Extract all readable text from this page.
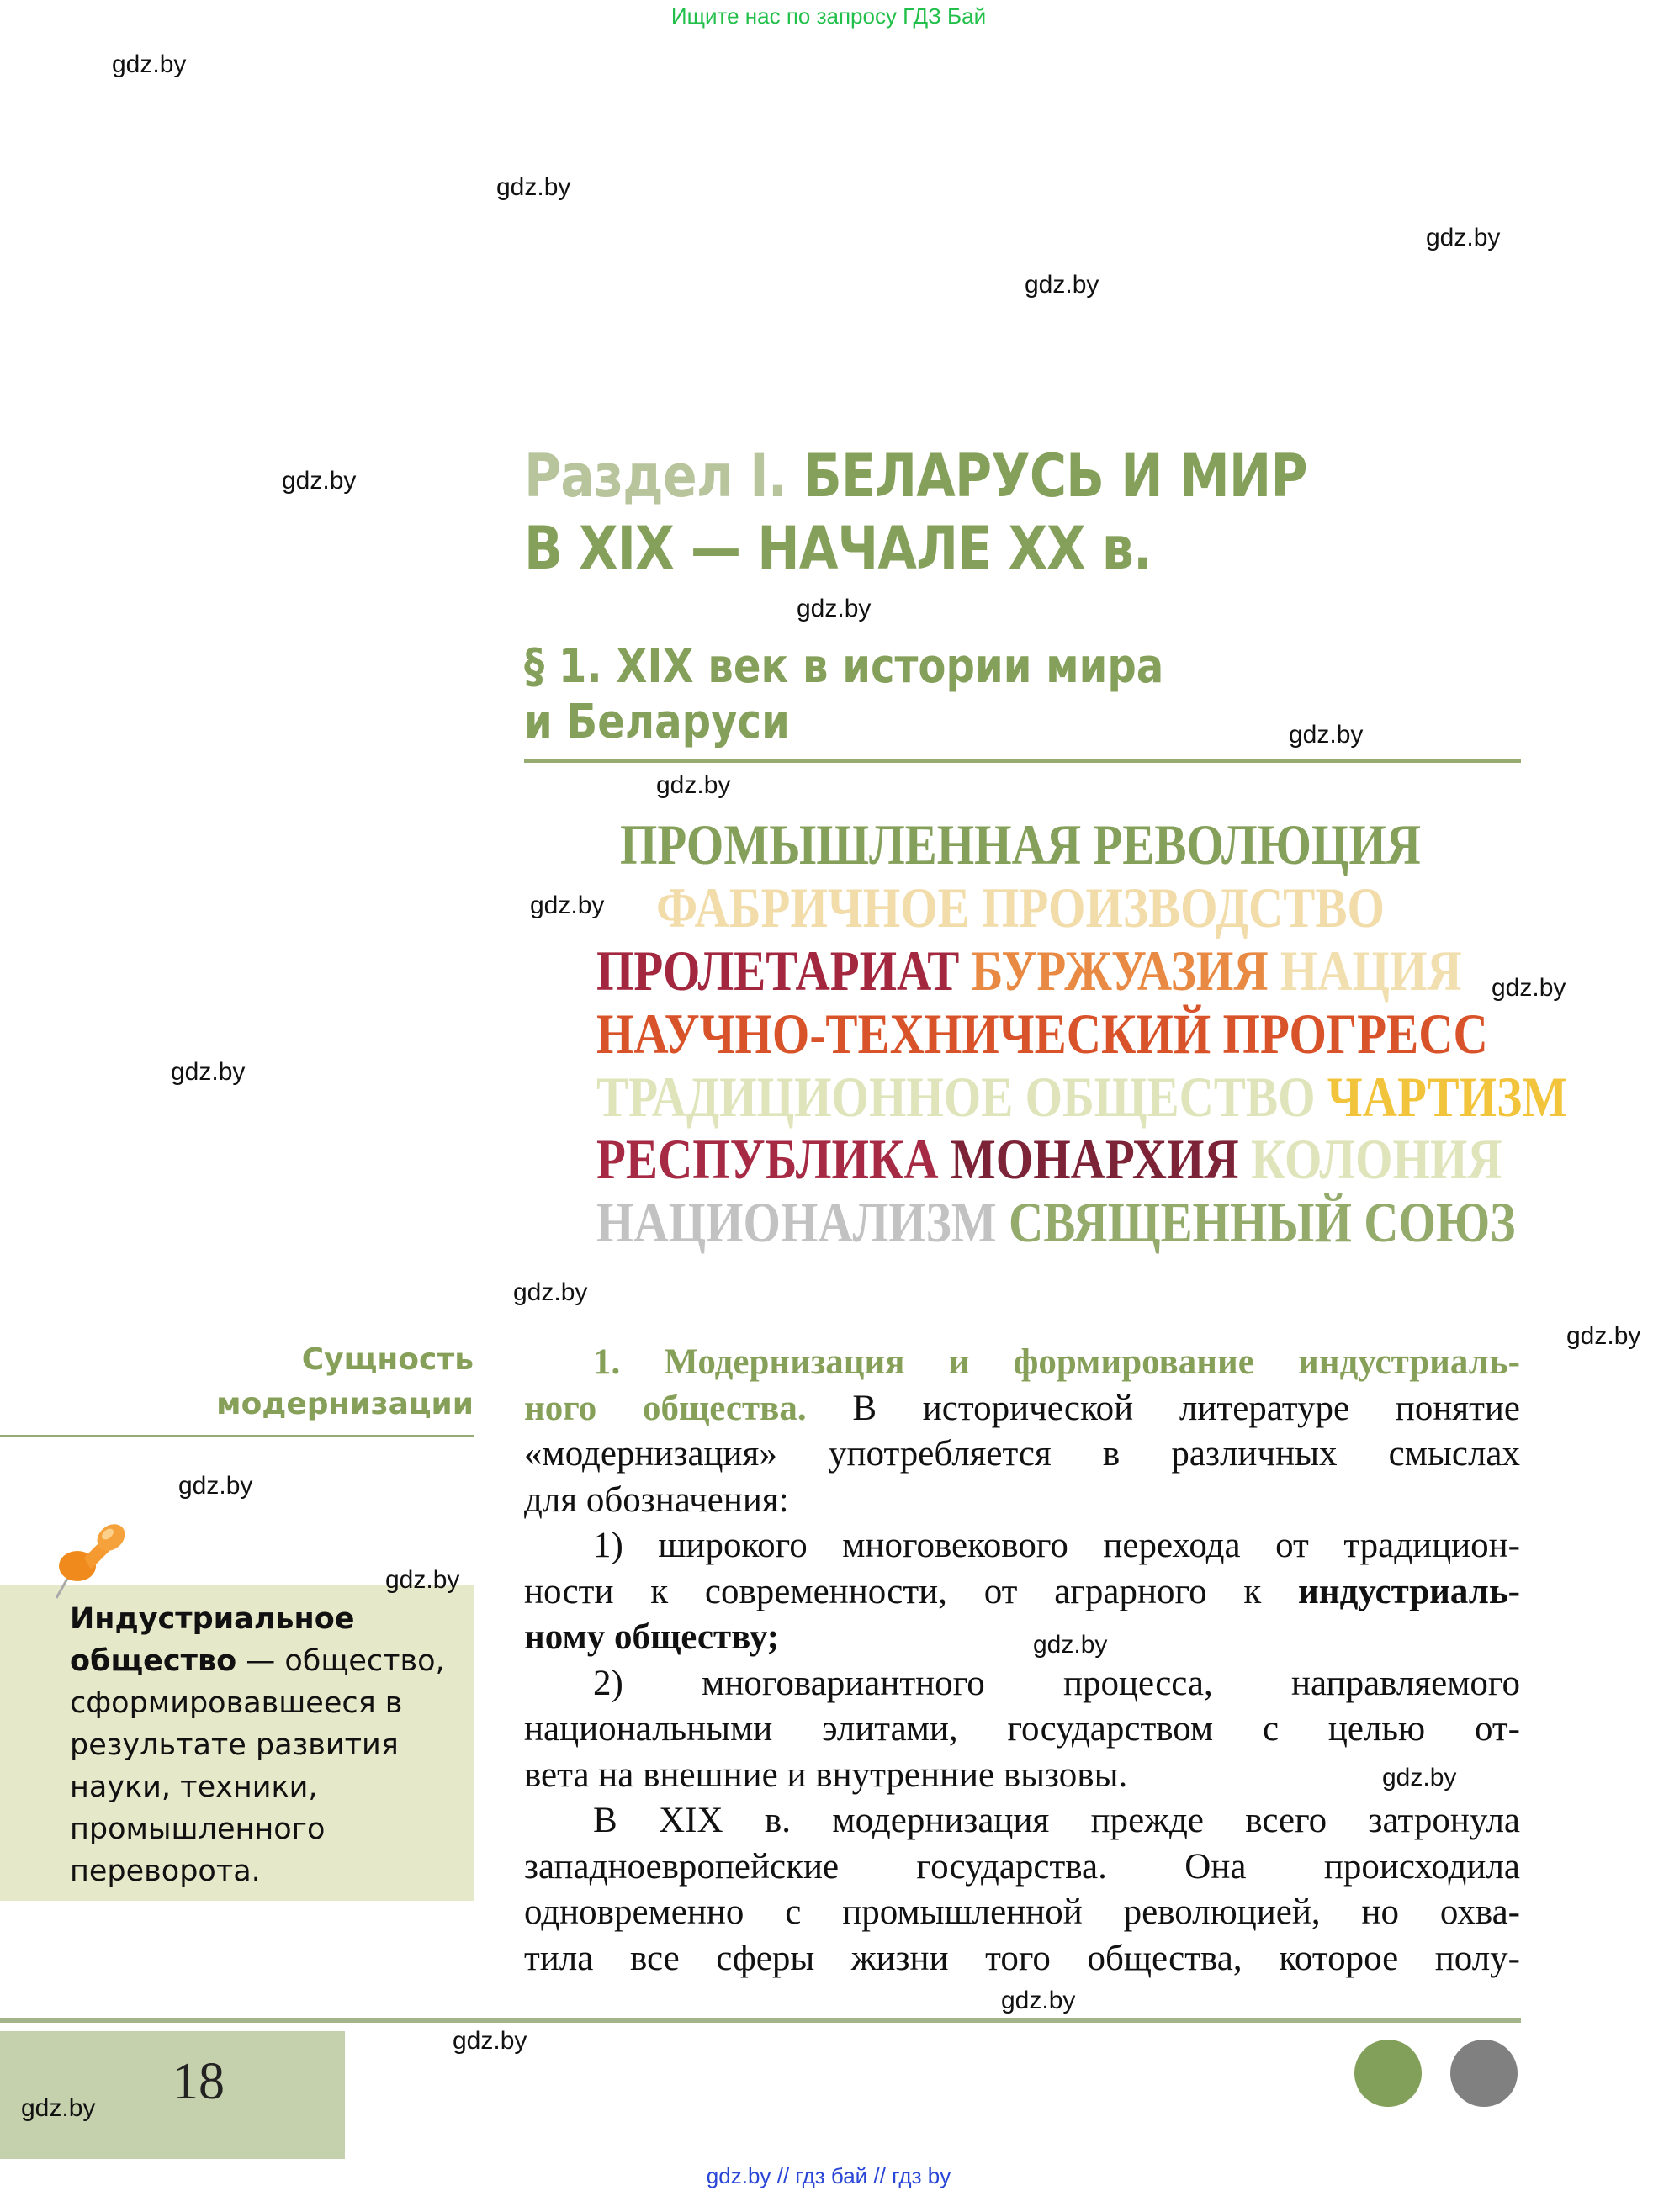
Ищите нас по запросу ГДЗ Бай
gdz.by
gdz.by
gdz.by
gdz.by
gdz.by
gdz.by
gdz.by
gdz.by
gdz.by
gdz.by
gdz.by
gdz.by
gdz.by
gdz.by
gdz.by
gdz.by
gdz.by
gdz.by
gdz.by
gdz.by
Раздел I. БЕЛАРУСЬ И МИР
В XIX — НАЧАЛЕ XX в.
§ 1. XIX век в истории мира
и Беларуси
ПРОМЫШЛЕННАЯ РЕВОЛЮЦИЯ
ФАБРИЧНОЕ ПРОИЗВОДСТВО
ПРОЛЕТАРИАТ БУРЖУАЗИЯ НАЦИЯ
НАУЧНО-ТЕХНИЧЕСКИЙ ПРОГРЕСС
ТРАДИЦИОННОЕ ОБЩЕСТВО ЧАРТИЗМ
РЕСПУБЛИКА МОНАРХИЯ КОЛОНИЯ
НАЦИОНАЛИЗМ СВЯЩЕННЫЙ СОЮЗ
Сущность
модернизации
Индустриальное общество — общество, сформировавшееся в результате развития науки, техники, промышленного переворота.
1. Модернизация и формирование индустриаль-
ного общества. В исторической литературе понятие
«модернизация» употребляется в различных смыслах
для обозначения:
1) широкого многовекового перехода от традицион-
ности к современности, от аграрного к индустриаль-
ному обществу;
2) многовариантного процесса, направляемого
национальными элитами, государством с целью от-
вета на внешние и внутренние вызовы.
В XIX в. модернизация прежде всего затронула
западноевропейские государства. Она происходила
одновременно с промышленной революцией, но охва-
тила все сферы жизни того общества, которое полу-
18
gdz.by // гдз бай // гдз by
